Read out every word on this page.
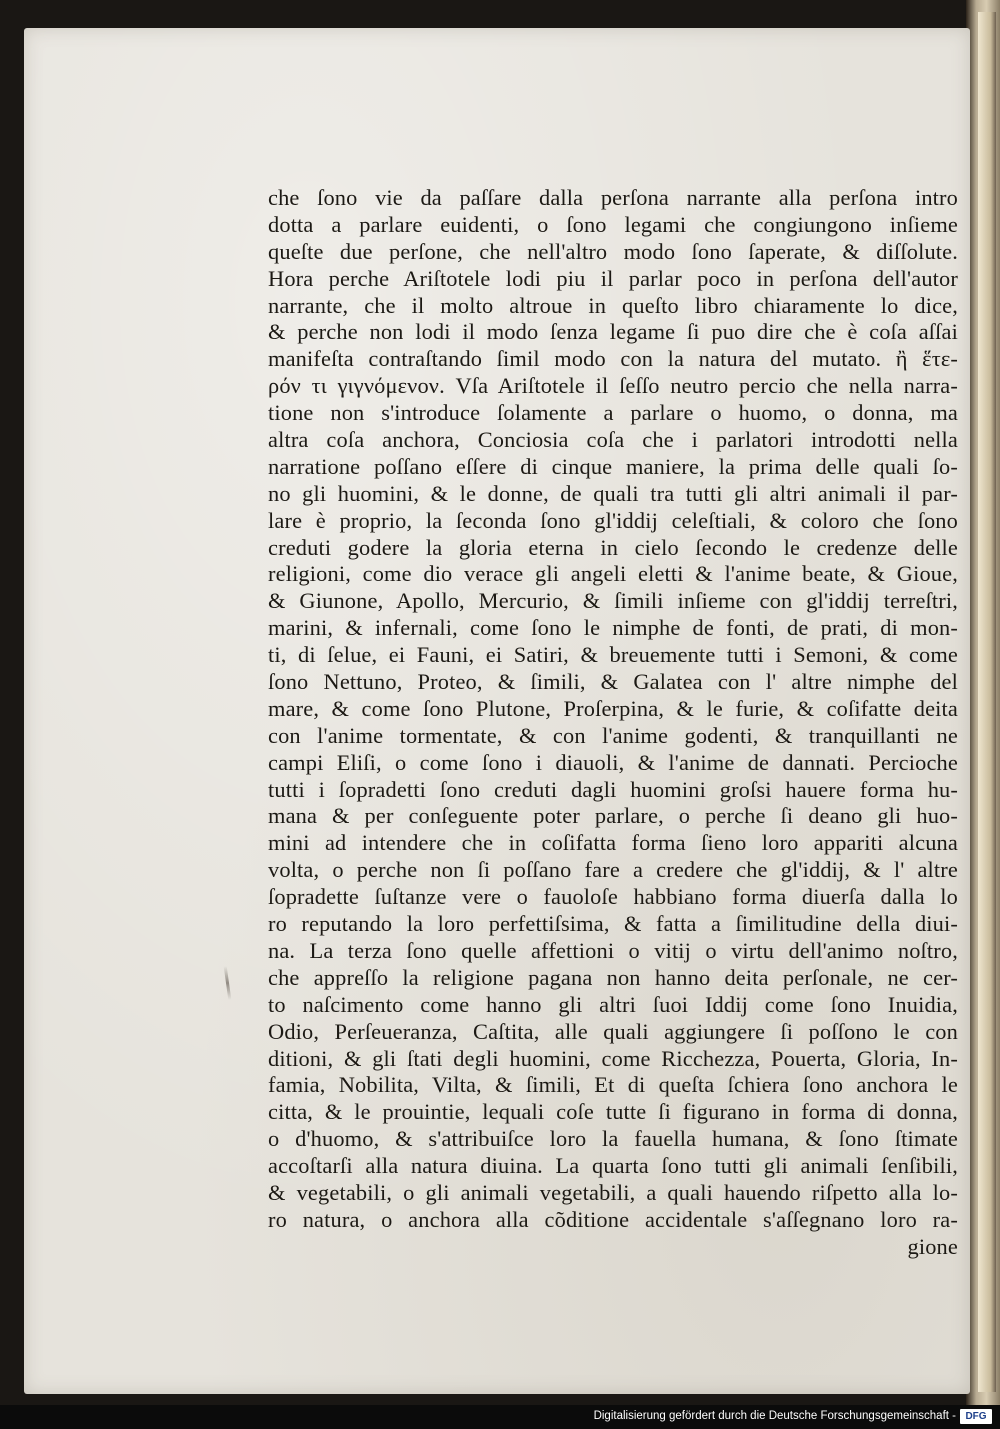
che ſono vie da paſſare dalla perſona narrante alla perſona intro
dotta a parlare euidenti, o ſono legami che congiungono inſieme
queſte due perſone, che nell'altro modo ſono ſaperate, & diſſolute.
Hora perche Ariſtotele lodi piu il parlar poco in perſona dell'autor
narrante, che il molto altroue in queſto libro chiaramente lo dice,
& perche non lodi il modo ſenza legame ſi puo dire che è coſa aſſai
manifeſta contraſtando ſimil modo con la natura del mutato. ἢ ἕτε-
ρόν τι γιγνόμενον. Vſa Ariſtotele il ſeſſo neutro percio che nella narra-
tione non s'introduce ſolamente a parlare o huomo, o donna, ma
altra coſa anchora, Conciosia coſa che i parlatori introdotti nella
narratione poſſano eſſere di cinque maniere, la prima delle quali ſo-
no gli huomini, & le donne, de quali tra tutti gli altri animali il par-
lare è proprio, la ſeconda ſono gl'iddij celeſtiali, & coloro che ſono
creduti godere la gloria eterna in cielo ſecondo le credenze delle
religioni, come dio verace gli angeli eletti & l'anime beate, & Gioue,
& Giunone, Apollo, Mercurio, & ſimili inſieme con gl'iddij terreſtri,
marini, & infernali, come ſono le nimphe de fonti, de prati, di mon-
ti, di ſelue, ei Fauni, ei Satiri, & breuemente tutti i Semoni, & come
ſono Nettuno, Proteo, & ſimili, & Galatea con l' altre nimphe del
mare, & come ſono Plutone, Proſerpina, & le furie, & coſifatte deita
con l'anime tormentate, & con l'anime godenti, & tranquillanti ne
campi Eliſi, o come ſono i diauoli, & l'anime de dannati. Percioche
tutti i ſopradetti ſono creduti dagli huomini groſsi hauere forma hu-
mana & per conſeguente poter parlare, o perche ſi deano gli huo-
mini ad intendere che in coſifatta forma ſieno loro appariti alcuna
volta, o perche non ſi poſſano fare a credere che gl'iddij, & l' altre
ſopradette ſuſtanze vere o fauoloſe habbiano forma diuerſa dalla lo
ro reputando la loro perfettiſsima, & fatta a ſimilitudine della diui-
na. La terza ſono quelle affettioni o vitij o virtu dell'animo noſtro,
che appreſſo la religione pagana non hanno deita perſonale, ne cer-
to naſcimento come hanno gli altri ſuoi Iddij come ſono Inuidia,
Odio, Perſeueranza, Caſtita, alle quali aggiungere ſi poſſono le con
ditioni, & gli ſtati degli huomini, come Ricchezza, Pouerta, Gloria, In-
famia, Nobilita, Vilta, & ſimili, Et di queſta ſchiera ſono anchora le
citta, & le prouintie, lequali coſe tutte ſi figurano in forma di donna,
o d'huomo, & s'attribuiſce loro la fauella humana, & ſono ſtimate
accoſtarſi alla natura diuina. La quarta ſono tutti gli animali ſenſibili,
& vegetabili, o gli animali vegetabili, a quali hauendo riſpetto alla lo-
ro natura, o anchora alla cõditione accidentale s'aſſegnano loro ra-
gione
Digitalisierung gefördert durch die Deutsche Forschungsgemeinschaft - DFG
